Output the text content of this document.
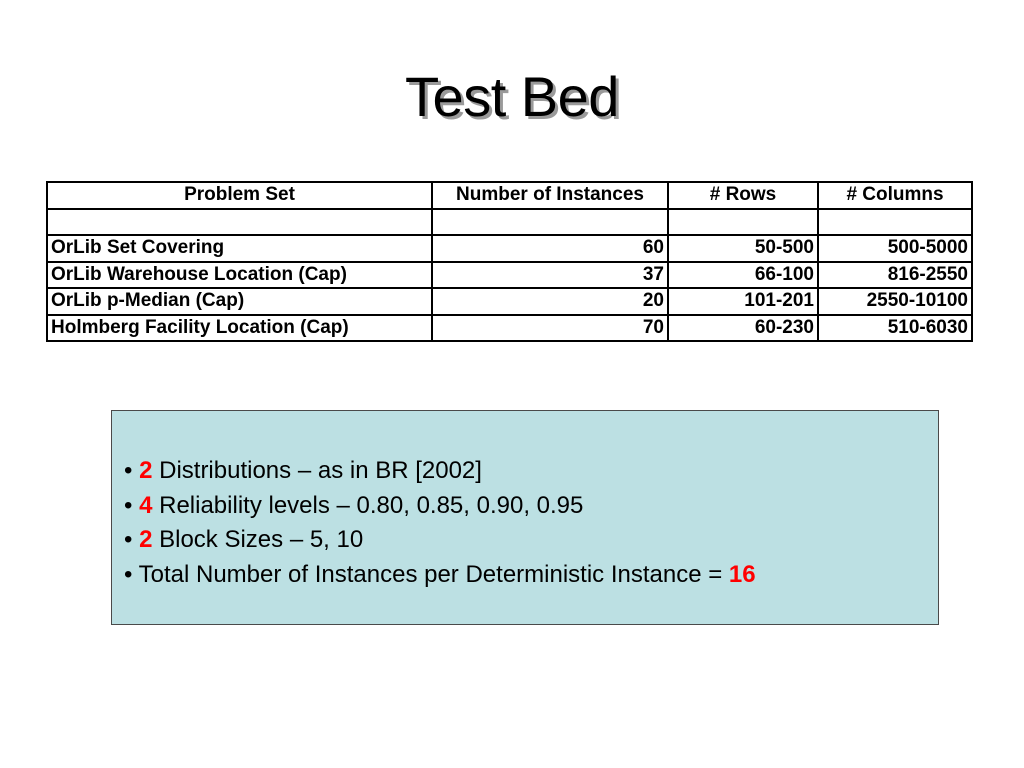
Test Bed
Problem Set	Number of Instances	# Rows	# Columns

OrLib Set Covering	60	50-500	500-5000
OrLib Warehouse Location (Cap)	37	66-100	816-2550
OrLib p-Median (Cap)	20	101-201	2550-10100
Holmberg Facility Location (Cap)	70	60-230	510-6030
• 2 Distributions – as in BR [2002]
• 4 Reliability levels – 0.80, 0.85, 0.90, 0.95
• 2 Block Sizes – 5, 10
• Total Number of Instances per Deterministic Instance = 16
